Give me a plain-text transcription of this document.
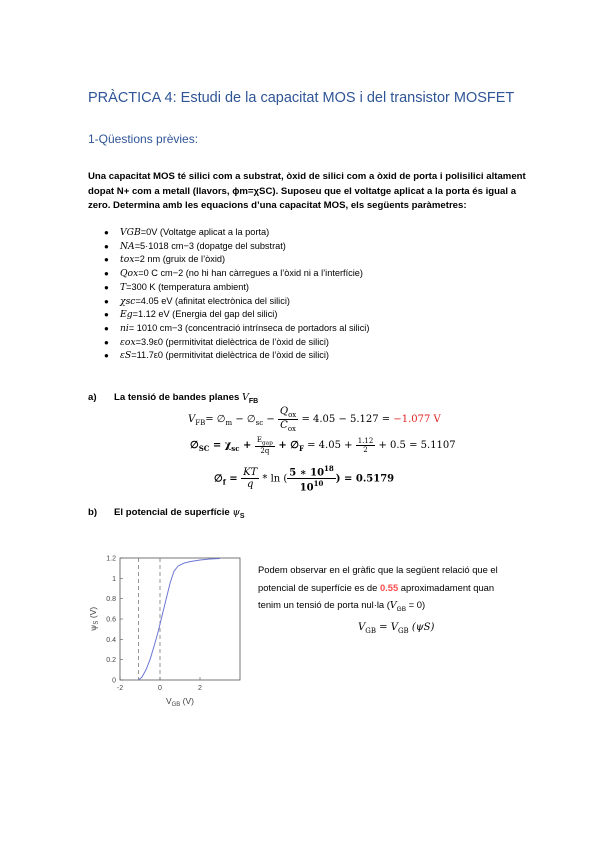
PRÀCTICA 4: Estudi de la capacitat MOS i del transistor MOSFET
1-Qüestions prèvies:
Una capacitat MOS té silici com a substrat, òxid de silici com a òxid de porta i polisilici altament dopat N+ com a metall (llavors, ϕm=χSC). Suposeu que el voltatge aplicat a la porta és igual a zero. Determina amb les equacions d’una capacitat MOS, els següents paràmetres:
● VGB=0V (Voltatge aplicat a la porta)
● NA=5·1018 cm−3 (dopatge del substrat)
● tox=2 nm (gruix de l’òxid)
● Qox=0 C cm−2 (no hi han càrregues a l’òxid ni a l’interfície)
● T=300 K (temperatura ambient)
● χsc=4.05 eV (afinitat electrònica del silici)
● Eg=1.12 eV (Energia del gap del silici)
● ni= 1010 cm−3 (concentració intrínseca de portadors al silici)
● εox=3.9ε0 (permitivitat dielèctrica de l’òxid de silici)
● εS=11.7ε0 (permitivitat dielèctrica de l’òxid de silici)
a) La tensió de bandes planes $V_{FB}$
$V_{FB}=$ $\emptyset_m$ − $\emptyset_{sc} - \frac{Q_{ox}}{C_{ox}} = 4.05 - 5.127 = -1.077$ V
$\emptyset_{SC} = \chi_{sc} + \frac{E_{gap}}{2q}$ + $\emptyset_F = 4.05 + \frac{1.12}{2} + 0.5 = 5.1107$
$\emptyset_f = \frac{KT}{q} * \ln$ ( $\frac{5 ∗ 10^{18}}{10^{10}}$ ) = 0.5179
b) El potencial de superfície $\psi_S$
0
0.2
0.4
0.6
0.8
1
1.2
-2	0	2
$V_{GB}$ (V)
$\psi_S$ (V)
Podem observar en el gràfic que la següent relació que el potencial de superfície es de 0.55 aproximadament quan tenim un tensió de porta nul·la $(V_{GB} = 0)$
$V_{GB} = V_{GB}$ (ψS)
